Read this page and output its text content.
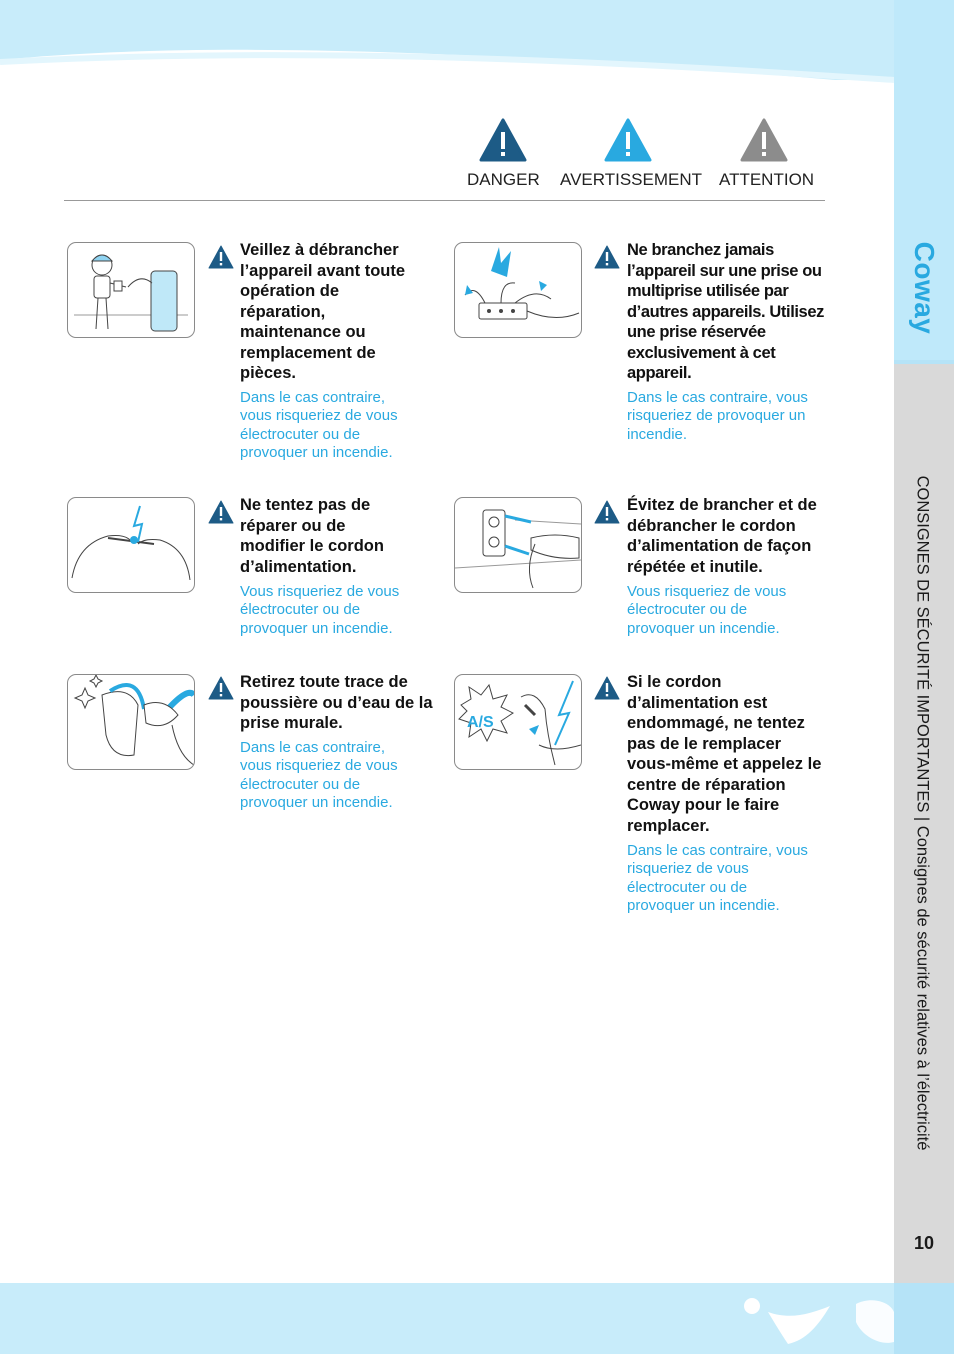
Coway
CONSIGNES DE SÉCURITÉ IMPORTANTES | Consignes de sécurité relatives à l’électricité
10
DANGER AVERTISSEMENT ATTENTION
Veillez à débrancher l’appareil avant toute opération de réparation, maintenance ou remplacement de pièces.
Dans le cas contraire, vous risqueriez de vous électrocuter ou de provoquer un incendie.
Ne branchez jamais l’appareil sur une prise ou multiprise utilisée par d’autres appareils. Utilisez une prise réservée exclusivement à cet appareil.
Dans le cas contraire, vous risqueriez de provoquer un incendie.
Ne tentez pas de réparer ou de modifier le cordon d’alimentation.
Vous risqueriez de vous électrocuter ou de provoquer un incendie.
Évitez de brancher et de débrancher le cordon d’alimentation de façon répétée et inutile.
Vous risqueriez de vous électrocuter ou de provoquer un incendie.
Retirez toute trace de poussière ou d’eau de la prise murale.
Dans le cas contraire, vous risqueriez de vous électrocuter ou de provoquer un incendie.
A/S
Si le cordon d’alimentation est endommagé, ne tentez pas de le remplacer vous-même et appelez le centre de réparation Coway pour le faire remplacer.
Dans le cas contraire, vous risqueriez de vous électrocuter ou de provoquer un incendie.
